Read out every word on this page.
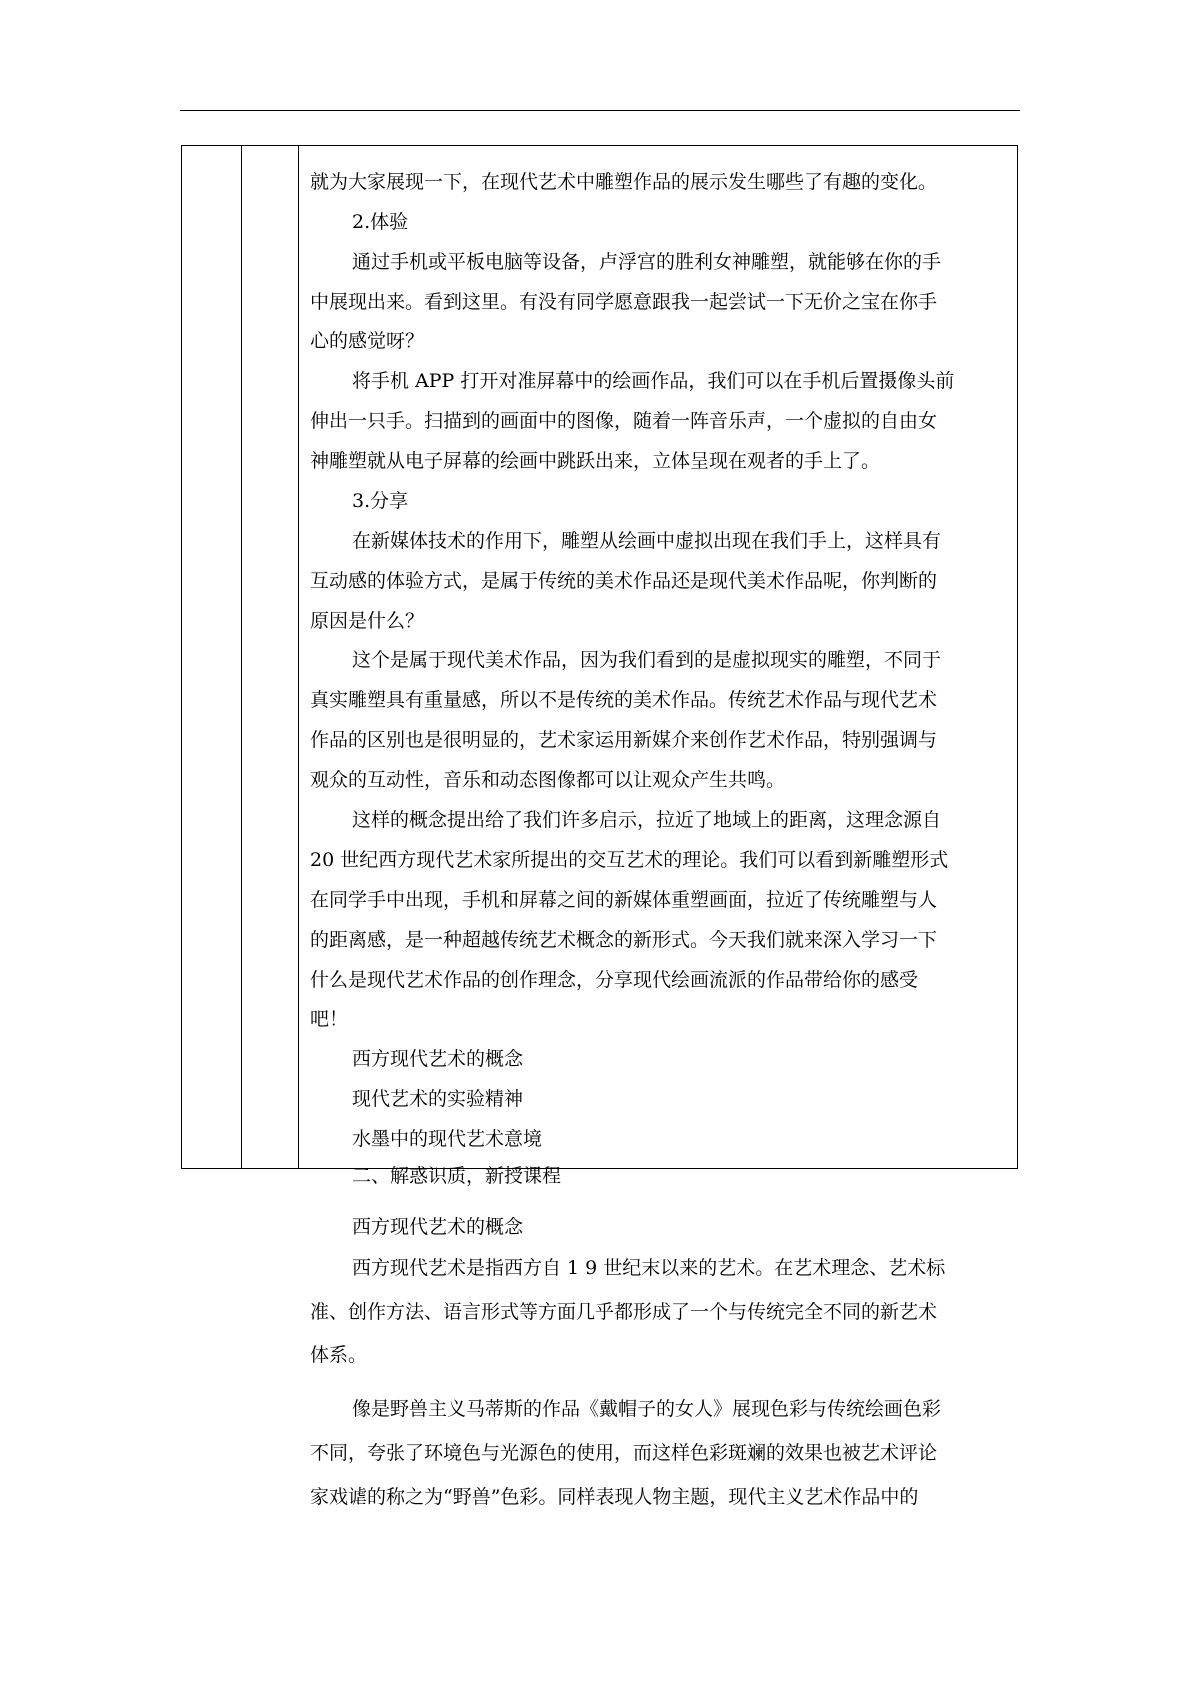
就为大家展现一下，在现代艺术中雕塑作品的展示发生哪些了有趣的变化。
2.体验
通过手机或平板电脑等设备，卢浮宫的胜利女神雕塑，就能够在你的手
中展现出来。看到这里。有没有同学愿意跟我一起尝试一下无价之宝在你手
心的感觉呀？
将手机 APP 打开对准屏幕中的绘画作品，我们可以在手机后置摄像头前
伸出一只手。扫描到的画面中的图像，随着一阵音乐声，一个虚拟的自由女
神雕塑就从电子屏幕的绘画中跳跃出来，立体呈现在观者的手上了。
3.分享
在新媒体技术的作用下，雕塑从绘画中虚拟出现在我们手上，这样具有
互动感的体验方式，是属于传统的美术作品还是现代美术作品呢，你判断的
原因是什么？
这个是属于现代美术作品，因为我们看到的是虚拟现实的雕塑，不同于
真实雕塑具有重量感，所以不是传统的美术作品。传统艺术作品与现代艺术
作品的区别也是很明显的，艺术家运用新媒介来创作艺术作品，特别强调与
观众的互动性，音乐和动态图像都可以让观众产生共鸣。
这样的概念提出给了我们许多启示，拉近了地域上的距离，这理念源自
20 世纪西方现代艺术家所提出的交互艺术的理论。我们可以看到新雕塑形式
在同学手中出现，手机和屏幕之间的新媒体重塑画面，拉近了传统雕塑与人
的距离感，是一种超越传统艺术概念的新形式。今天我们就来深入学习一下
什么是现代艺术作品的创作理念，分享现代绘画流派的作品带给你的感受
吧！
西方现代艺术的概念
现代艺术的实验精神
水墨中的现代艺术意境
二、解惑识质，新授课程
西方现代艺术的概念
西方现代艺术是指西方自 1 9 世纪末以来的艺术。在艺术理念、艺术标
准、创作方法、语言形式等方面几乎都形成了一个与传统完全不同的新艺术
体系。
像是野兽主义马蒂斯的作品《戴帽子的女人》展现色彩与传统绘画色彩
不同，夸张了环境色与光源色的使用，而这样色彩斑斓的效果也被艺术评论
家戏谑的称之为“野兽”色彩。同样表现人物主题，现代主义艺术作品中的
